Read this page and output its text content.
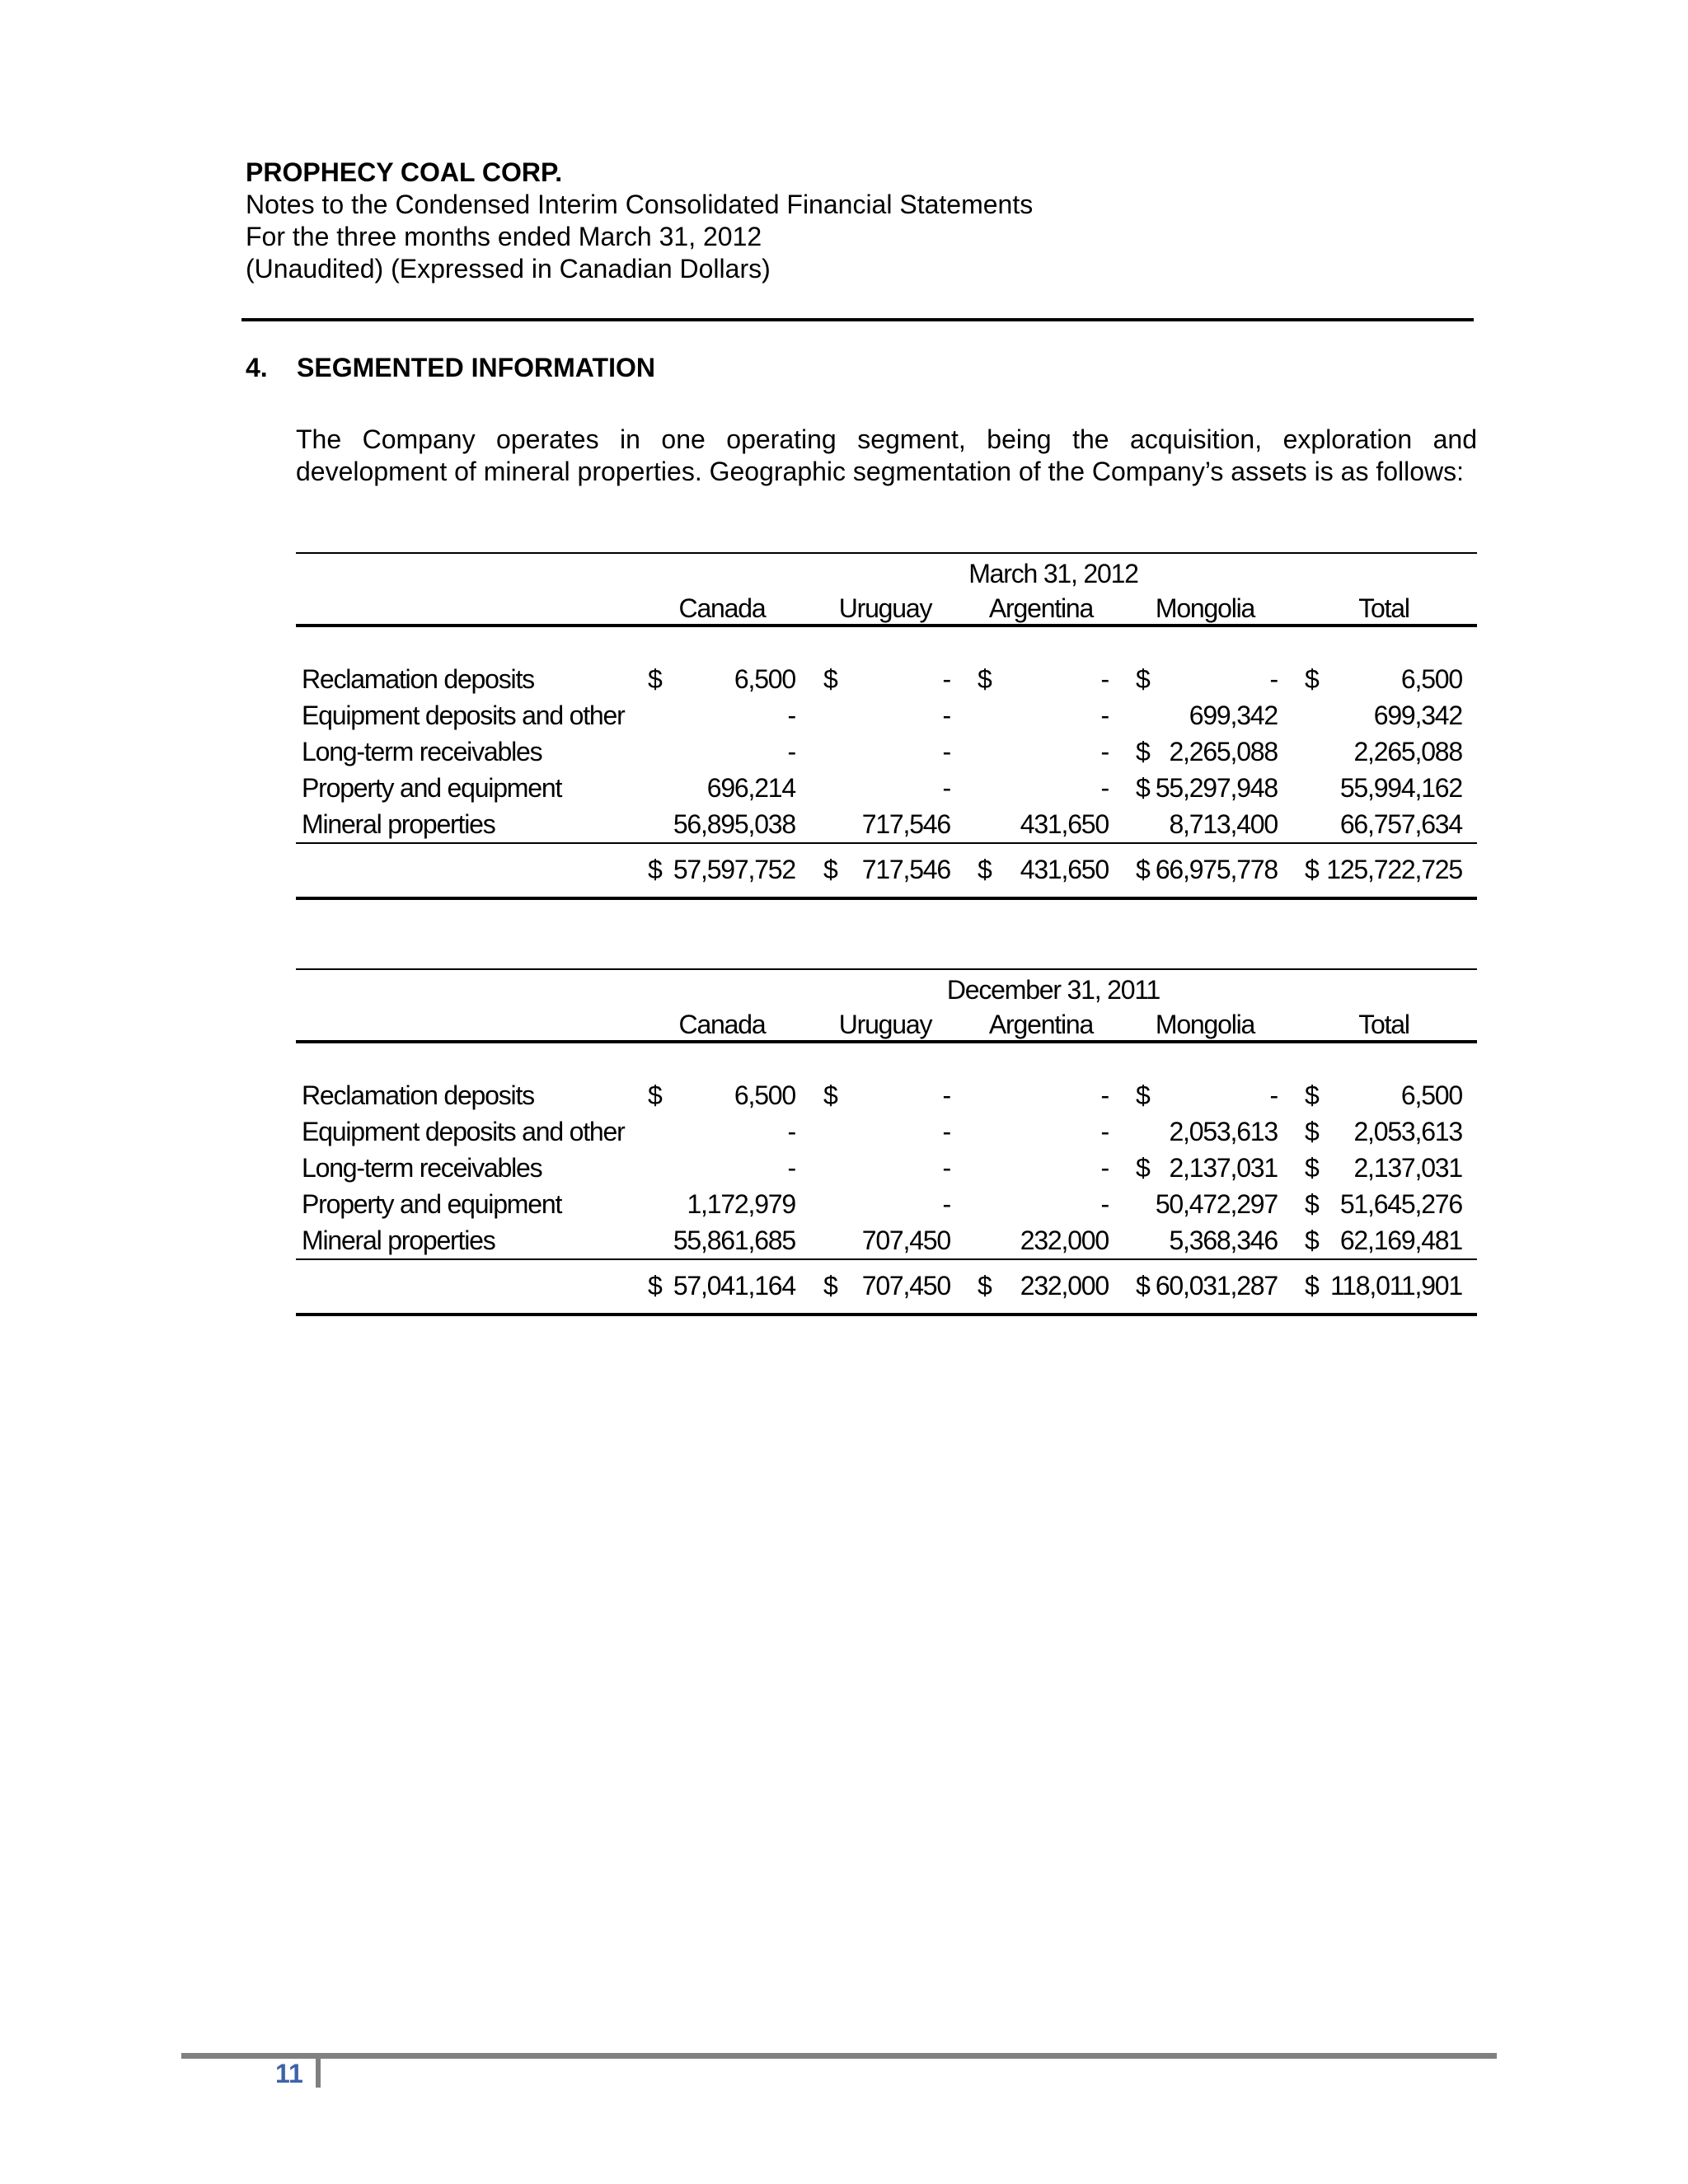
PROPHECY COAL CORP.
Notes to the Condensed Interim Consolidated Financial Statements
For the three months ended March 31, 2012
(Unaudited) (Expressed in Canadian Dollars)
4. SEGMENTED INFORMATION
The Company operates in one operating segment, being the acquisition, exploration and development of mineral properties. Geographic segmentation of the Company’s assets is as follows:
March 31, 2012
Canada	Uruguay	Argentina	Mongolia	Total
Reclamation deposits	$	6,500 $	- $	- $	- $	6,500
Equipment deposits and other	-	-	-	699,342	699,342
Long-term receivables	-	-	- $ 2,265,088	2,265,088
Property and equipment	696,214	-	- $ 55,297,948	55,994,162
Mineral properties	56,895,038	717,546	431,650	8,713,400	66,757,634
$ 57,597,752 $ 717,546 $	431,650 $ 66,975,778 $ 125,722,725
December 31, 2011
Canada	Uruguay	Argentina	Mongolia	Total
Reclamation deposits	$	6,500 $	-	- $	- $	6,500
Equipment deposits and other	-	-	-	2,053,613 $	2,053,613
Long-term receivables	-	-	- $ 2,137,031 $	2,137,031
Property and equipment	1,172,979	-	-	50,472,297 $ 51,645,276
Mineral properties	55,861,685	707,450	232,000	5,368,346 $ 62,169,481
$ 57,041,164 $ 707,450 $	232,000 $ 60,031,287 $ 118,011,901
11
